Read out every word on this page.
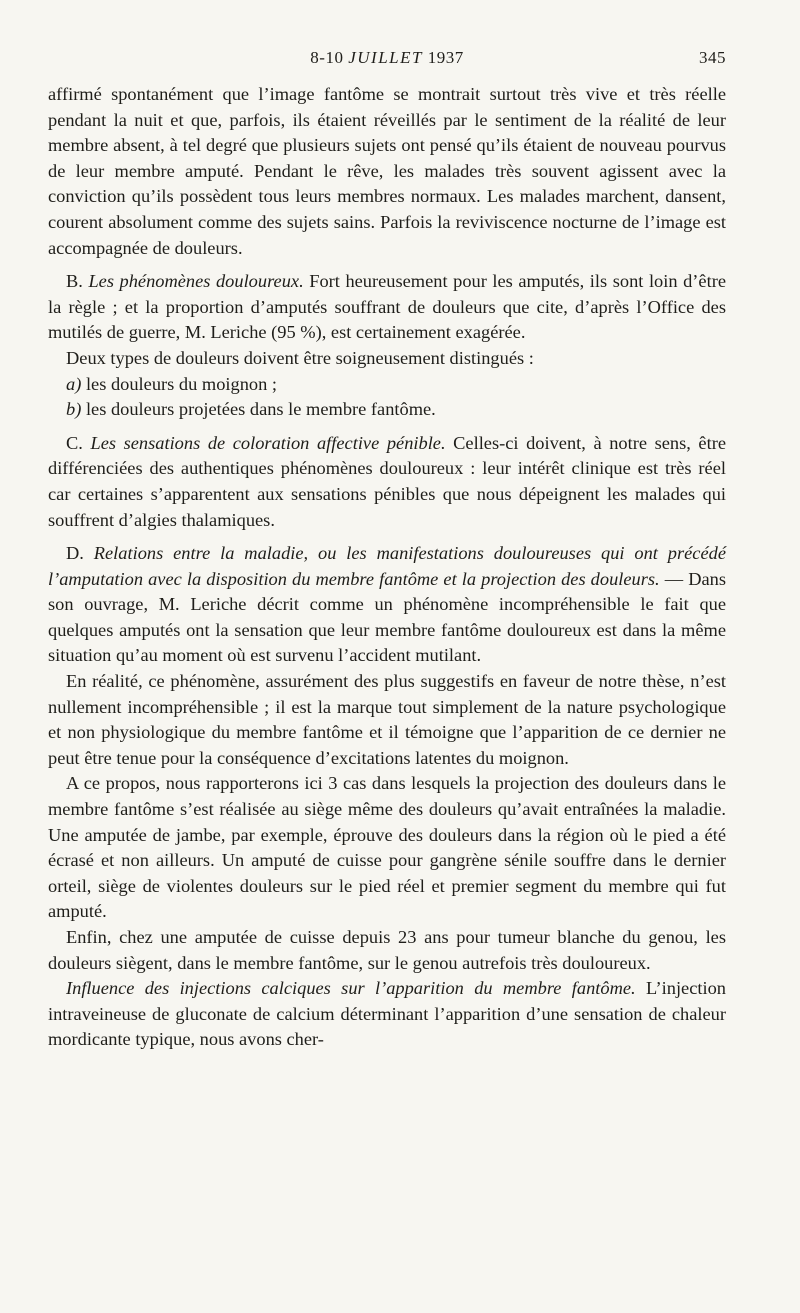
8-10 JUILLET 1937	345

affirmé spontanément que l’image fantôme se montrait surtout très vive et très réelle pendant la nuit et que, parfois, ils étaient réveillés par le sentiment de la réalité de leur membre absent, à tel degré que plusieurs sujets ont pensé qu’ils étaient de nouveau pourvus de leur membre amputé. Pendant le rêve, les malades très souvent agissent avec la conviction qu’ils possèdent tous leurs membres normaux. Les malades marchent, dansent, courent absolument comme des sujets sains. Parfois la reviviscence nocturne de l’image est accompagnée de douleurs.

B. Les phénomènes douloureux. Fort heureusement pour les amputés, ils sont loin d’être la règle ; et la proportion d’amputés souffrant de douleurs que cite, d’après l’Office des mutilés de guerre, M. Leriche (95 %), est certainement exagérée.

Deux types de douleurs doivent être soigneusement distingués :

a) les douleurs du moignon ;

b) les douleurs projetées dans le membre fantôme.

C. Les sensations de coloration affective pénible. Celles-ci doivent, à notre sens, être différenciées des authentiques phénomènes douloureux : leur intérêt clinique est très réel car certaines s’apparentent aux sensations pénibles que nous dépeignent les malades qui souffrent d’algies thalamiques.

D. Relations entre la maladie, ou les manifestations douloureuses qui ont précédé l’amputation avec la disposition du membre fantôme et la projection des douleurs. — Dans son ouvrage, M. Leriche décrit comme un phénomène incompréhensible le fait que quelques amputés ont la sensation que leur membre fantôme douloureux est dans la même situation qu’au moment où est survenu l’accident mutilant.

En réalité, ce phénomène, assurément des plus suggestifs en faveur de notre thèse, n’est nullement incompréhensible ; il est la marque tout simplement de la nature psychologique et non physiologique du membre fantôme et il témoigne que l’apparition de ce dernier ne peut être tenue pour la conséquence d’excitations latentes du moignon.

A ce propos, nous rapporterons ici 3 cas dans lesquels la projection des douleurs dans le membre fantôme s’est réalisée au siège même des douleurs qu’avait entraînées la maladie. Une amputée de jambe, par exemple, éprouve des douleurs dans la région où le pied a été écrasé et non ailleurs. Un amputé de cuisse pour gangrène sénile souffre dans le dernier orteil, siège de violentes douleurs sur le pied réel et premier segment du membre qui fut amputé.

Enfin, chez une amputée de cuisse depuis 23 ans pour tumeur blanche du genou, les douleurs siègent, dans le membre fantôme, sur le genou autrefois très douloureux.

Influence des injections calciques sur l’apparition du membre fantôme. L’injection intraveineuse de gluconate de calcium déterminant l’apparition d’une sensation de chaleur mordicante typique, nous avons cher-
